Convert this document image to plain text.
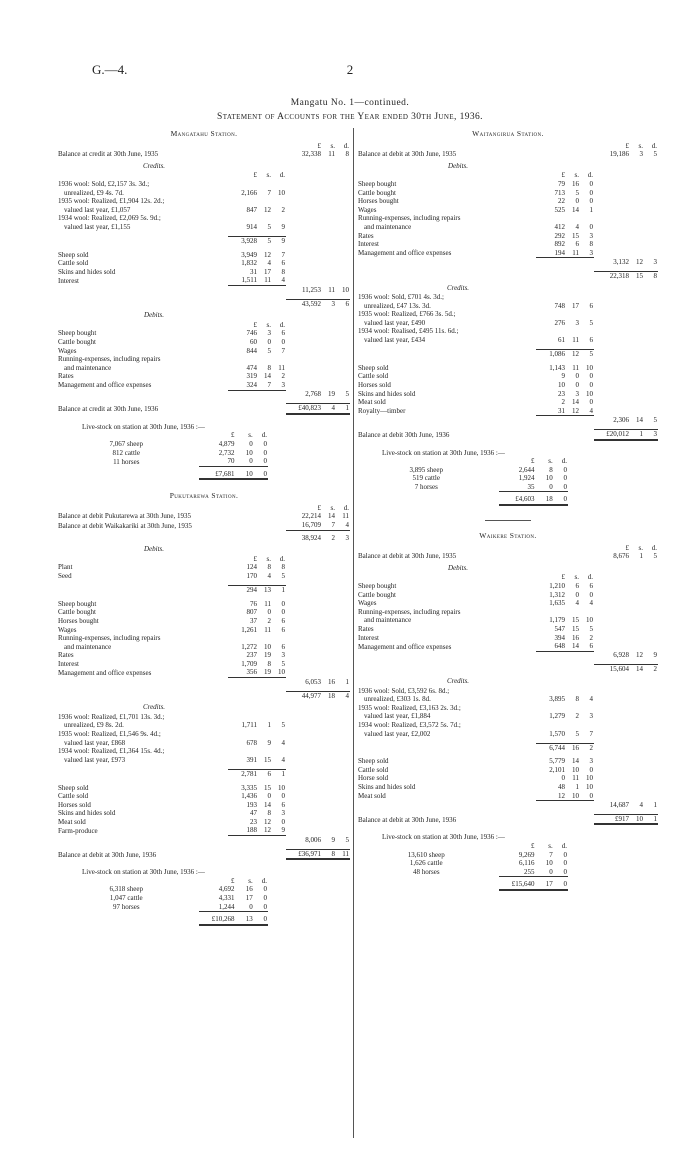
G.—4.	2
Mangatu No. 1—continued.
Statement of Accounts for the Year ended 30th June, 1936.
Mangatahu Station.
				£	s.	d.
Balance at credit at 30th June, 1935				32,338	11	8
Credits.
	£	s.	d.			
1936 wool: Sold, £2,157 3s. 3d.;						
unrealized, £9 4s. 7d.	2,166	7	10			
1935 wool: Realized, £1,904 12s. 2d.;						
valued last year, £1,057	847	12	2			
1934 wool: Realized, £2,069 5s. 9d.;						
valued last year, £1,155	914	5	9			

	3,928	5	9			

Sheep sold	3,949	12	7			
Cattle sold	1,832	4	6			
Skins and hides sold	31	17	8			
Interest	1,511	11	4			
				11,253	11	10

				43,592	3	6
Debits.
	£	s.	d.			
Sheep bought	746	3	6			
Cattle bought	60	0	0			
Wages	844	5	7			
Running-expenses, including repairs						
and maintenance	474	8	11			
Rates	319	14	2			
Management and office expenses	324	7	3			
				2,768	19	5

Balance at credit at 30th June, 1936				£40,823	4	1

Live-stock on station at 30th June, 1936 :—
		£	s.	d.
7,067 sheep		4,879	0	0
812 cattle		2,732	10	0
11 horses		70	0	0
		£7,681	10	0
Pukutarewa Station.
				£	s.	d.
Balance at debit Pukutarewa at 30th June, 1935				22,214	14	11
Balance at debit Waikakariki at 30th June, 1935				16,709	7	4
				38,924	2	3
Debits.
	£	s.	d.			
Plant	124	8	8			
Seed	170	4	5			

	294	13	1			

Sheep bought	76	11	0			
Cattle bought	807	0	0			
Horses bought	37	2	6			
Wages	1,261	11	6			
Running-expenses, including repairs						
and maintenance	1,272	10	6			
Rates	237	19	3			
Interest	1,709	8	5			
Management and office expenses	356	19	10			
				6,053	16	1

				44,977	18	4
Credits.
1936 wool: Realized, £1,701 13s. 3d.;						
unrealized, £9 8s. 2d.	1,711	1	5			
1935 wool: Realized, £1,546 9s. 4d.;						
valued last year, £868	678	9	4			
1934 wool: Realized, £1,364 15s. 4d.;						
valued last year, £973	391	15	4			

	2,781	6	1			

Sheep sold	3,335	15	10			
Cattle sold	1,436	0	0			
Horses sold	193	14	6			
Skins and hides sold	47	8	3			
Meat sold	23	12	0			
Farm-produce	188	12	9			
				8,006	9	5

Balance at debit at 30th June, 1936				£36,971	8	11

Live-stock on station at 30th June, 1936 :—
		£	s.	d.
6,318 sheep		4,692	16	0
1,047 cattle		4,331	17	0
97 horses		1,244	0	0
		£10,268	13	0
Waitangirua Station.
				£	s.	d.
Balance at debit at 30th June, 1935				19,186	3	5
Debits.
	£	s.	d.			
Sheep bought	79	16	0			
Cattle bought	713	5	0			
Horses bought	22	0	0			
Wages	525	14	1			
Running-expenses, including repairs						
and maintenance	412	4	0			
Rates	292	15	3			
Interest	892	6	8			
Management and office expenses	194	11	3			
				3,132	12	3

				22,318	15	8
Credits.
1936 wool: Sold, £701 4s. 3d.;						
unrealized, £47 13s. 3d.	748	17	6			
1935 wool: Realized, £766 3s. 5d.;						
valued last year, £490	276	3	5			
1934 wool: Realised, £495 11s. 6d.;						
valued last year, £434	61	11	6			

	1,086	12	5			

Sheep sold	1,143	11	10			
Cattle sold	9	0	0			
Horses sold	10	0	0			
Skins and hides sold	23	3	10			
Meat sold	2	14	0			
Royalty—timber	31	12	4			
				2,306	14	5

Balance at debit 30th June, 1936				£20,012	1	3

Live-stock on station at 30th June, 1936 :—
		£	s.	d.
3,895 sheep		2,644	8	0
519 cattle		1,924	10	0
7 horses		35	0	0
		£4,603	18	0
Waikere Station.
				£	s.	d.
Balance at debit at 30th June, 1935				8,676	1	5
Debits.
	£	s.	d.			
Sheep bought	1,210	6	6			
Cattle bought	1,312	0	0			
Wages	1,635	4	4			
Running-expenses, including repairs						
and maintenance	1,179	15	10			
Rates	547	15	5			
Interest	394	16	2			
Management and office expenses	648	14	6			
				6,928	12	9

				15,604	14	2
Credits.
1936 wool: Sold, £3,592 6s. 8d.;						
unrealized, £303 1s. 8d.	3,895	8	4			
1935 wool: Realized, £3,163 2s. 3d.;						
valued last year, £1,884	1,279	2	3			
1934 wool: Realized, £3,572 5s. 7d.;						
valued last year, £2,002	1,570	5	7			

	6,744	16	2			

Sheep sold	5,779	14	3			
Cattle sold	2,101	10	0			
Horse sold	0	11	10			
Skins and hides sold	48	1	10			
Meat sold	12	10	0			
				14,687	4	1

Balance at debit at 30th June, 1936				£917	10	1

Live-stock on station at 30th June, 1936 :—
		£	s.	d.
13,610 sheep		9,269	7	0
1,626 cattle		6,116	10	0
48 horses		255	0	0
		£15,640	17	0
